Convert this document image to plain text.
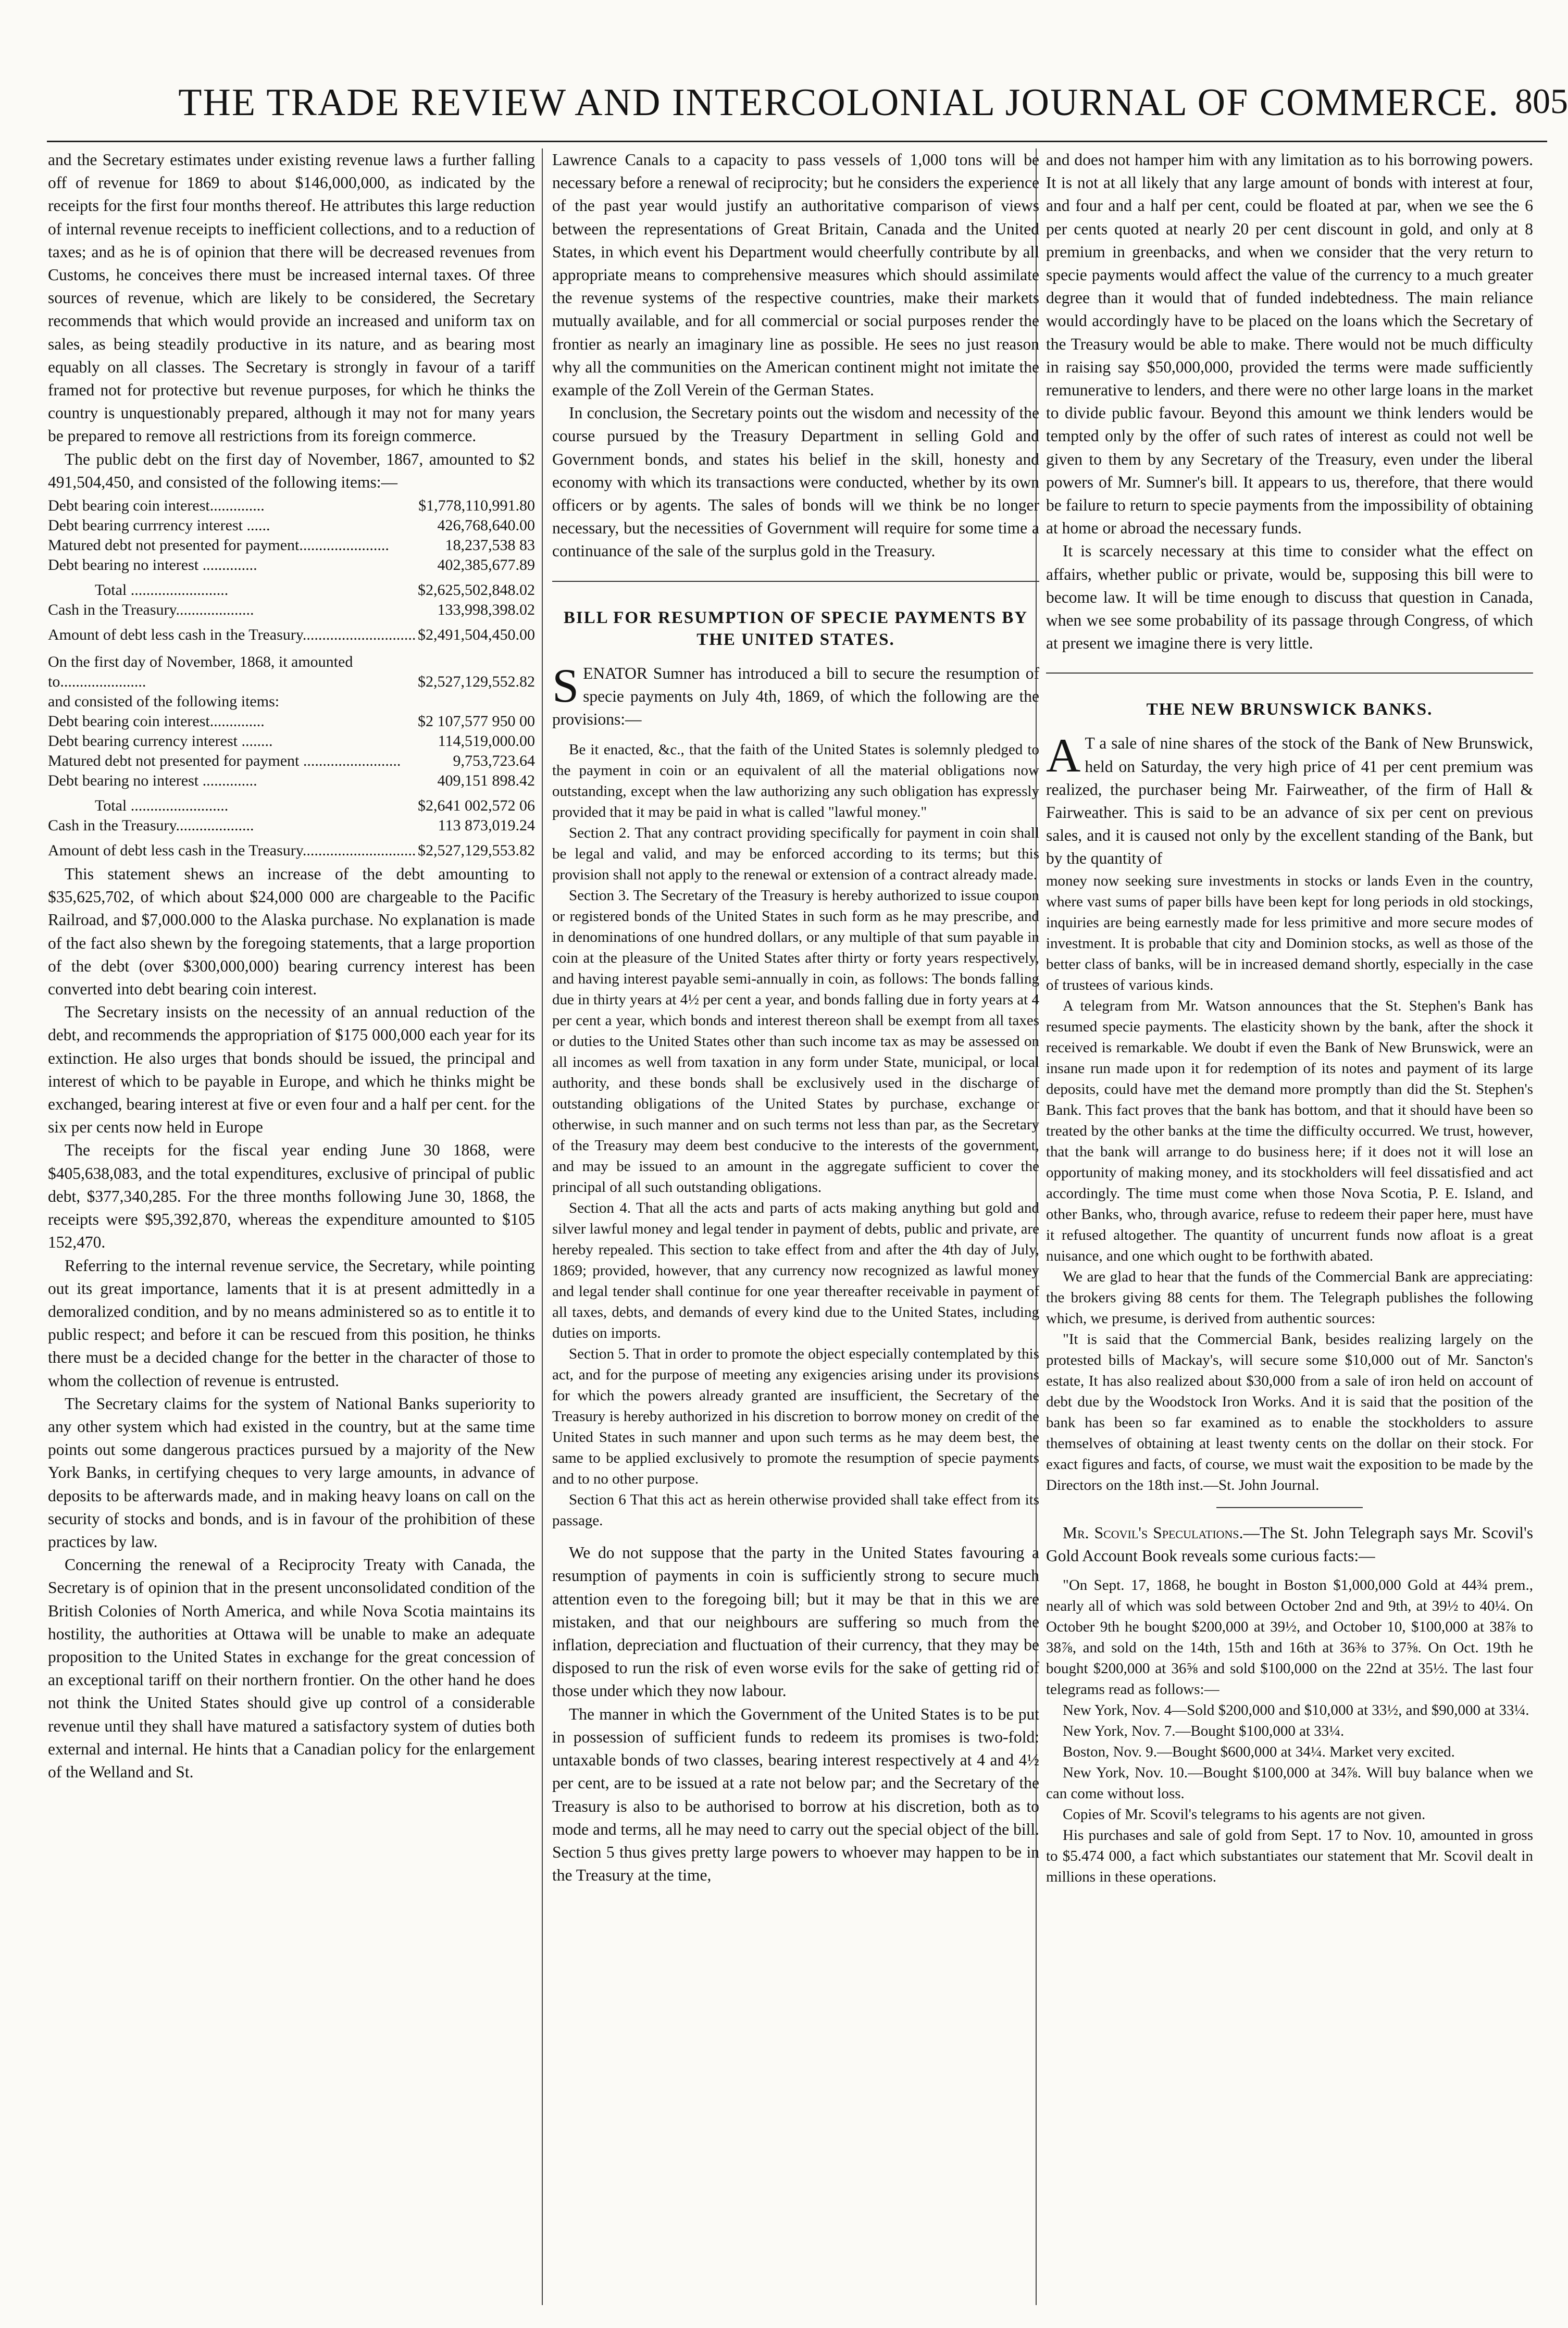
THE TRADE REVIEW AND INTERCOLONIAL JOURNAL OF COMMERCE. 805

and the Secretary estimates under existing revenue laws a further falling off of revenue for 1869 to about $146,000,000, as indicated by the receipts for the first four months thereof. He attributes this large reduction of internal revenue receipts to inefficient collections, and to a reduction of taxes; and as he is of opinion that there will be decreased revenues from Customs, he conceives there must be increased internal taxes. Of three sources of revenue, which are likely to be considered, the Secretary recommends that which would provide an increased and uniform tax on sales, as being steadily productive in its nature, and as bearing most equably on all classes. The Secretary is strongly in favour of a tariff framed not for protective but revenue purposes, for which he thinks the country is unquestionably prepared, although it may not for many years be prepared to remove all restrictions from its foreign commerce.

The public debt on the first day of November, 1867, amounted to $2 491,504,450, and consisted of the following items:—

Debt bearing coin interest..............	$1,778,110,991.80
Debt bearing currrency interest ......	426,768,640.00
Matured debt not presented for payment.......................	18,237,538 83
Debt bearing no interest ..............	402,385,677.89
Total .........................	$2,625,502,848.02
Cash in the Treasury....................	133,998,398.02
Amount of debt less cash in the Treasury.............................	$2,491,504,450.00
On the first day of November, 1868, it amounted to......................	$2,527,129,552.82
and consisted of the following items:	
Debt bearing coin interest..............	$2 107,577 950 00
Debt bearing currency interest ........	114,519,000.00
Matured debt not presented for payment .........................	9,753,723.64
Debt bearing no interest ..............	409,151 898.42
Total .........................	$2,641 002,572 06
Cash in the Treasury....................	113 873,019.24
Amount of debt less cash in the Treasury.............................	$2,527,129,553.82

This statement shews an increase of the debt amounting to $35,625,702, of which about $24,000 000 are chargeable to the Pacific Railroad, and $7,000.000 to the Alaska purchase. No explanation is made of the fact also shewn by the foregoing statements, that a large proportion of the debt (over $300,000,000) bearing currency interest has been converted into debt bearing coin interest.

The Secretary insists on the necessity of an annual reduction of the debt, and recommends the appropriation of $175 000,000 each year for its extinction. He also urges that bonds should be issued, the principal and interest of which to be payable in Europe, and which he thinks might be exchanged, bearing interest at five or even four and a half per cent. for the six per cents now held in Europe

The receipts for the fiscal year ending June 30 1868, were $405,638,083, and the total expenditures, exclusive of principal of public debt, $377,340,285. For the three months following June 30, 1868, the receipts were $95,392,870, whereas the expenditure amounted to $105 152,470.

Referring to the internal revenue service, the Secretary, while pointing out its great importance, laments that it is at present admittedly in a demoralized condition, and by no means administered so as to entitle it to public respect; and before it can be rescued from this position, he thinks there must be a decided change for the better in the character of those to whom the collection of revenue is entrusted.

The Secretary claims for the system of National Banks superiority to any other system which had existed in the country, but at the same time points out some dangerous practices pursued by a majority of the New York Banks, in certifying cheques to very large amounts, in advance of deposits to be afterwards made, and in making heavy loans on call on the security of stocks and bonds, and is in favour of the prohibition of these practices by law.

Concerning the renewal of a Reciprocity Treaty with Canada, the Secretary is of opinion that in the present unconsolidated condition of the British Colonies of North America, and while Nova Scotia maintains its hostility, the authorities at Ottawa will be unable to make an adequate proposition to the United States in exchange for the great concession of an exceptional tariff on their northern frontier. On the other hand he does not think the United States should give up control of a considerable revenue until they shall have matured a satisfactory system of duties both external and internal. He hints that a Canadian policy for the enlargement of the Welland and St.

Lawrence Canals to a capacity to pass vessels of 1,000 tons will be necessary before a renewal of reciprocity; but he considers the experience of the past year would justify an authoritative comparison of views between the representations of Great Britain, Canada and the United States, in which event his Department would cheerfully contribute by all appropriate means to comprehensive measures which should assimilate the revenue systems of the respective countries, make their markets mutually available, and for all commercial or social purposes render the frontier as nearly an imaginary line as possible. He sees no just reason why all the communities on the American continent might not imitate the example of the Zoll Verein of the German States.

In conclusion, the Secretary points out the wisdom and necessity of the course pursued by the Treasury Department in selling Gold and Government bonds, and states his belief in the skill, honesty and economy with which its transactions were conducted, whether by its own officers or by agents. The sales of bonds will we think be no longer necessary, but the necessities of Government will require for some time a continuance of the sale of the surplus gold in the Treasury.

BILL FOR RESUMPTION OF SPECIE PAYMENTS BY THE UNITED STATES.

SENATOR Sumner has introduced a bill to secure the resumption of specie payments on July 4th, 1869, of which the following are the provisions:—

Be it enacted, &c., that the faith of the United States is solemnly pledged to the payment in coin or an equivalent of all the material obligations now outstanding, except when the law authorizing any such obligation has expressly provided that it may be paid in what is called "lawful money."

Section 2. That any contract providing specifically for payment in coin shall be legal and valid, and may be enforced according to its terms; but this provision shall not apply to the renewal or extension of a contract already made.

Section 3. The Secretary of the Treasury is hereby authorized to issue coupon or registered bonds of the United States in such form as he may prescribe, and in denominations of one hundred dollars, or any multiple of that sum payable in coin at the pleasure of the United States after thirty or forty years respectively, and having interest payable semi-annually in coin, as follows: The bonds falling due in thirty years at 4½ per cent a year, and bonds falling due in forty years at 4 per cent a year, which bonds and interest thereon shall be exempt from all taxes or duties to the United States other than such income tax as may be assessed on all incomes as well from taxation in any form under State, municipal, or local authority, and these bonds shall be exclusively used in the discharge of outstanding obligations of the United States by purchase, exchange or otherwise, in such manner and on such terms not less than par, as the Secretary of the Treasury may deem best conducive to the interests of the government, and may be issued to an amount in the aggregate sufficient to cover the principal of all such outstanding obligations.

Section 4. That all the acts and parts of acts making anything but gold and silver lawful money and legal tender in payment of debts, public and private, are hereby repealed. This section to take effect from and after the 4th day of July, 1869; provided, however, that any currency now recognized as lawful money and legal tender shall continue for one year thereafter receivable in payment of all taxes, debts, and demands of every kind due to the United States, including duties on imports.

Section 5. That in order to promote the object especially contemplated by this act, and for the purpose of meeting any exigencies arising under its provisions for which the powers already granted are insufficient, the Secretary of the Treasury is hereby authorized in his discretion to borrow money on credit of the United States in such manner and upon such terms as he may deem best, the same to be applied exclusively to promote the resumption of specie payments and to no other purpose.

Section 6 That this act as herein otherwise provided shall take effect from its passage.

We do not suppose that the party in the United States favouring a resumption of payments in coin is sufficiently strong to secure much attention even to the foregoing bill; but it may be that in this we are mistaken, and that our neighbours are suffering so much from the inflation, depreciation and fluctuation of their currency, that they may be disposed to run the risk of even worse evils for the sake of getting rid of those under which they now labour.

The manner in which the Government of the United States is to be put in possession of sufficient funds to redeem its promises is two-fold: untaxable bonds of two classes, bearing interest respectively at 4 and 4½ per cent, are to be issued at a rate not below par; and the Secretary of the Treasury is also to be authorised to borrow at his discretion, both as to mode and terms, all he may need to carry out the special object of the bill. Section 5 thus gives pretty large powers to whoever may happen to be in the Treasury at the time,

and does not hamper him with any limitation as to his borrowing powers. It is not at all likely that any large amount of bonds with interest at four, and four and a half per cent, could be floated at par, when we see the 6 per cents quoted at nearly 20 per cent discount in gold, and only at 8 premium in greenbacks, and when we consider that the very return to specie payments would affect the value of the currency to a much greater degree than it would that of funded indebtedness. The main reliance would accordingly have to be placed on the loans which the Secretary of the Treasury would be able to make. There would not be much difficulty in raising say $50,000,000, provided the terms were made sufficiently remunerative to lenders, and there were no other large loans in the market to divide public favour. Beyond this amount we think lenders would be tempted only by the offer of such rates of interest as could not well be given to them by any Secretary of the Treasury, even under the liberal powers of Mr. Sumner's bill. It appears to us, therefore, that there would be failure to return to specie payments from the impossibility of obtaining at home or abroad the necessary funds.

It is scarcely necessary at this time to consider what the effect on affairs, whether public or private, would be, supposing this bill were to become law. It will be time enough to discuss that question in Canada, when we see some probability of its passage through Congress, of which at present we imagine there is very little.

THE NEW BRUNSWICK BANKS.

A T a sale of nine shares of the stock of the Bank of New Brunswick, held on Saturday, the very high price of 41 per cent premium was realized, the purchaser being Mr. Fairweather, of the firm of Hall & Fairweather. This is said to be an advance of six per cent on previous sales, and it is caused not only by the excellent standing of the Bank, but by the quantity of

money now seeking sure investments in stocks or lands Even in the country, where vast sums of paper bills have been kept for long periods in old stockings, inquiries are being earnestly made for less primitive and more secure modes of investment. It is probable that city and Dominion stocks, as well as those of the better class of banks, will be in increased demand shortly, especially in the case of trustees of various kinds.

A telegram from Mr. Watson announces that the St. Stephen's Bank has resumed specie payments. The elasticity shown by the bank, after the shock it received is remarkable. We doubt if even the Bank of New Brunswick, were an insane run made upon it for redemption of its notes and payment of its large deposits, could have met the demand more promptly than did the St. Stephen's Bank. This fact proves that the bank has bottom, and that it should have been so treated by the other banks at the time the difficulty occurred. We trust, however, that the bank will arrange to do business here; if it does not it will lose an opportunity of making money, and its stockholders will feel dissatisfied and act accordingly. The time must come when those Nova Scotia, P. E. Island, and other Banks, who, through avarice, refuse to redeem their paper here, must have it refused altogether. The quantity of uncurrent funds now afloat is a great nuisance, and one which ought to be forthwith abated.

We are glad to hear that the funds of the Commercial Bank are appreciating: the brokers giving 88 cents for them. The Telegraph publishes the following which, we presume, is derived from authentic sources:

"It is said that the Commercial Bank, besides realizing largely on the protested bills of Mackay's, will secure some $10,000 out of Mr. Sancton's estate, It has also realized about $30,000 from a sale of iron held on account of debt due by the Woodstock Iron Works. And it is said that the position of the bank has been so far examined as to enable the stockholders to assure themselves of obtaining at least twenty cents on the dollar on their stock. For exact figures and facts, of course, we must wait the exposition to be made by the Directors on the 18th inst.—St. John Journal.

Mr. Scovil's Speculations.—The St. John Telegraph says Mr. Scovil's Gold Account Book reveals some curious facts:—

"On Sept. 17, 1868, he bought in Boston $1,000,000 Gold at 44¾ prem., nearly all of which was sold between October 2nd and 9th, at 39½ to 40¼. On October 9th he bought $200,000 at 39½, and October 10, $100,000 at 38⅞ to 38⅞, and sold on the 14th, 15th and 16th at 36⅜ to 37⅝. On Oct. 19th he bought $200,000 at 36⅝ and sold $100,000 on the 22nd at 35½. The last four telegrams read as follows:—

New York, Nov. 4—Sold $200,000 and $10,000 at 33½, and $90,000 at 33¼.

New York, Nov. 7.—Bought $100,000 at 33¼.

Boston, Nov. 9.—Bought $600,000 at 34¼. Market very excited.

New York, Nov. 10.—Bought $100,000 at 34⅞. Will buy balance when we can come without loss.

Copies of Mr. Scovil's telegrams to his agents are not given.

His purchases and sale of gold from Sept. 17 to Nov. 10, amounted in gross to $5.474 000, a fact which substantiates our statement that Mr. Scovil dealt in millions in these operations.
